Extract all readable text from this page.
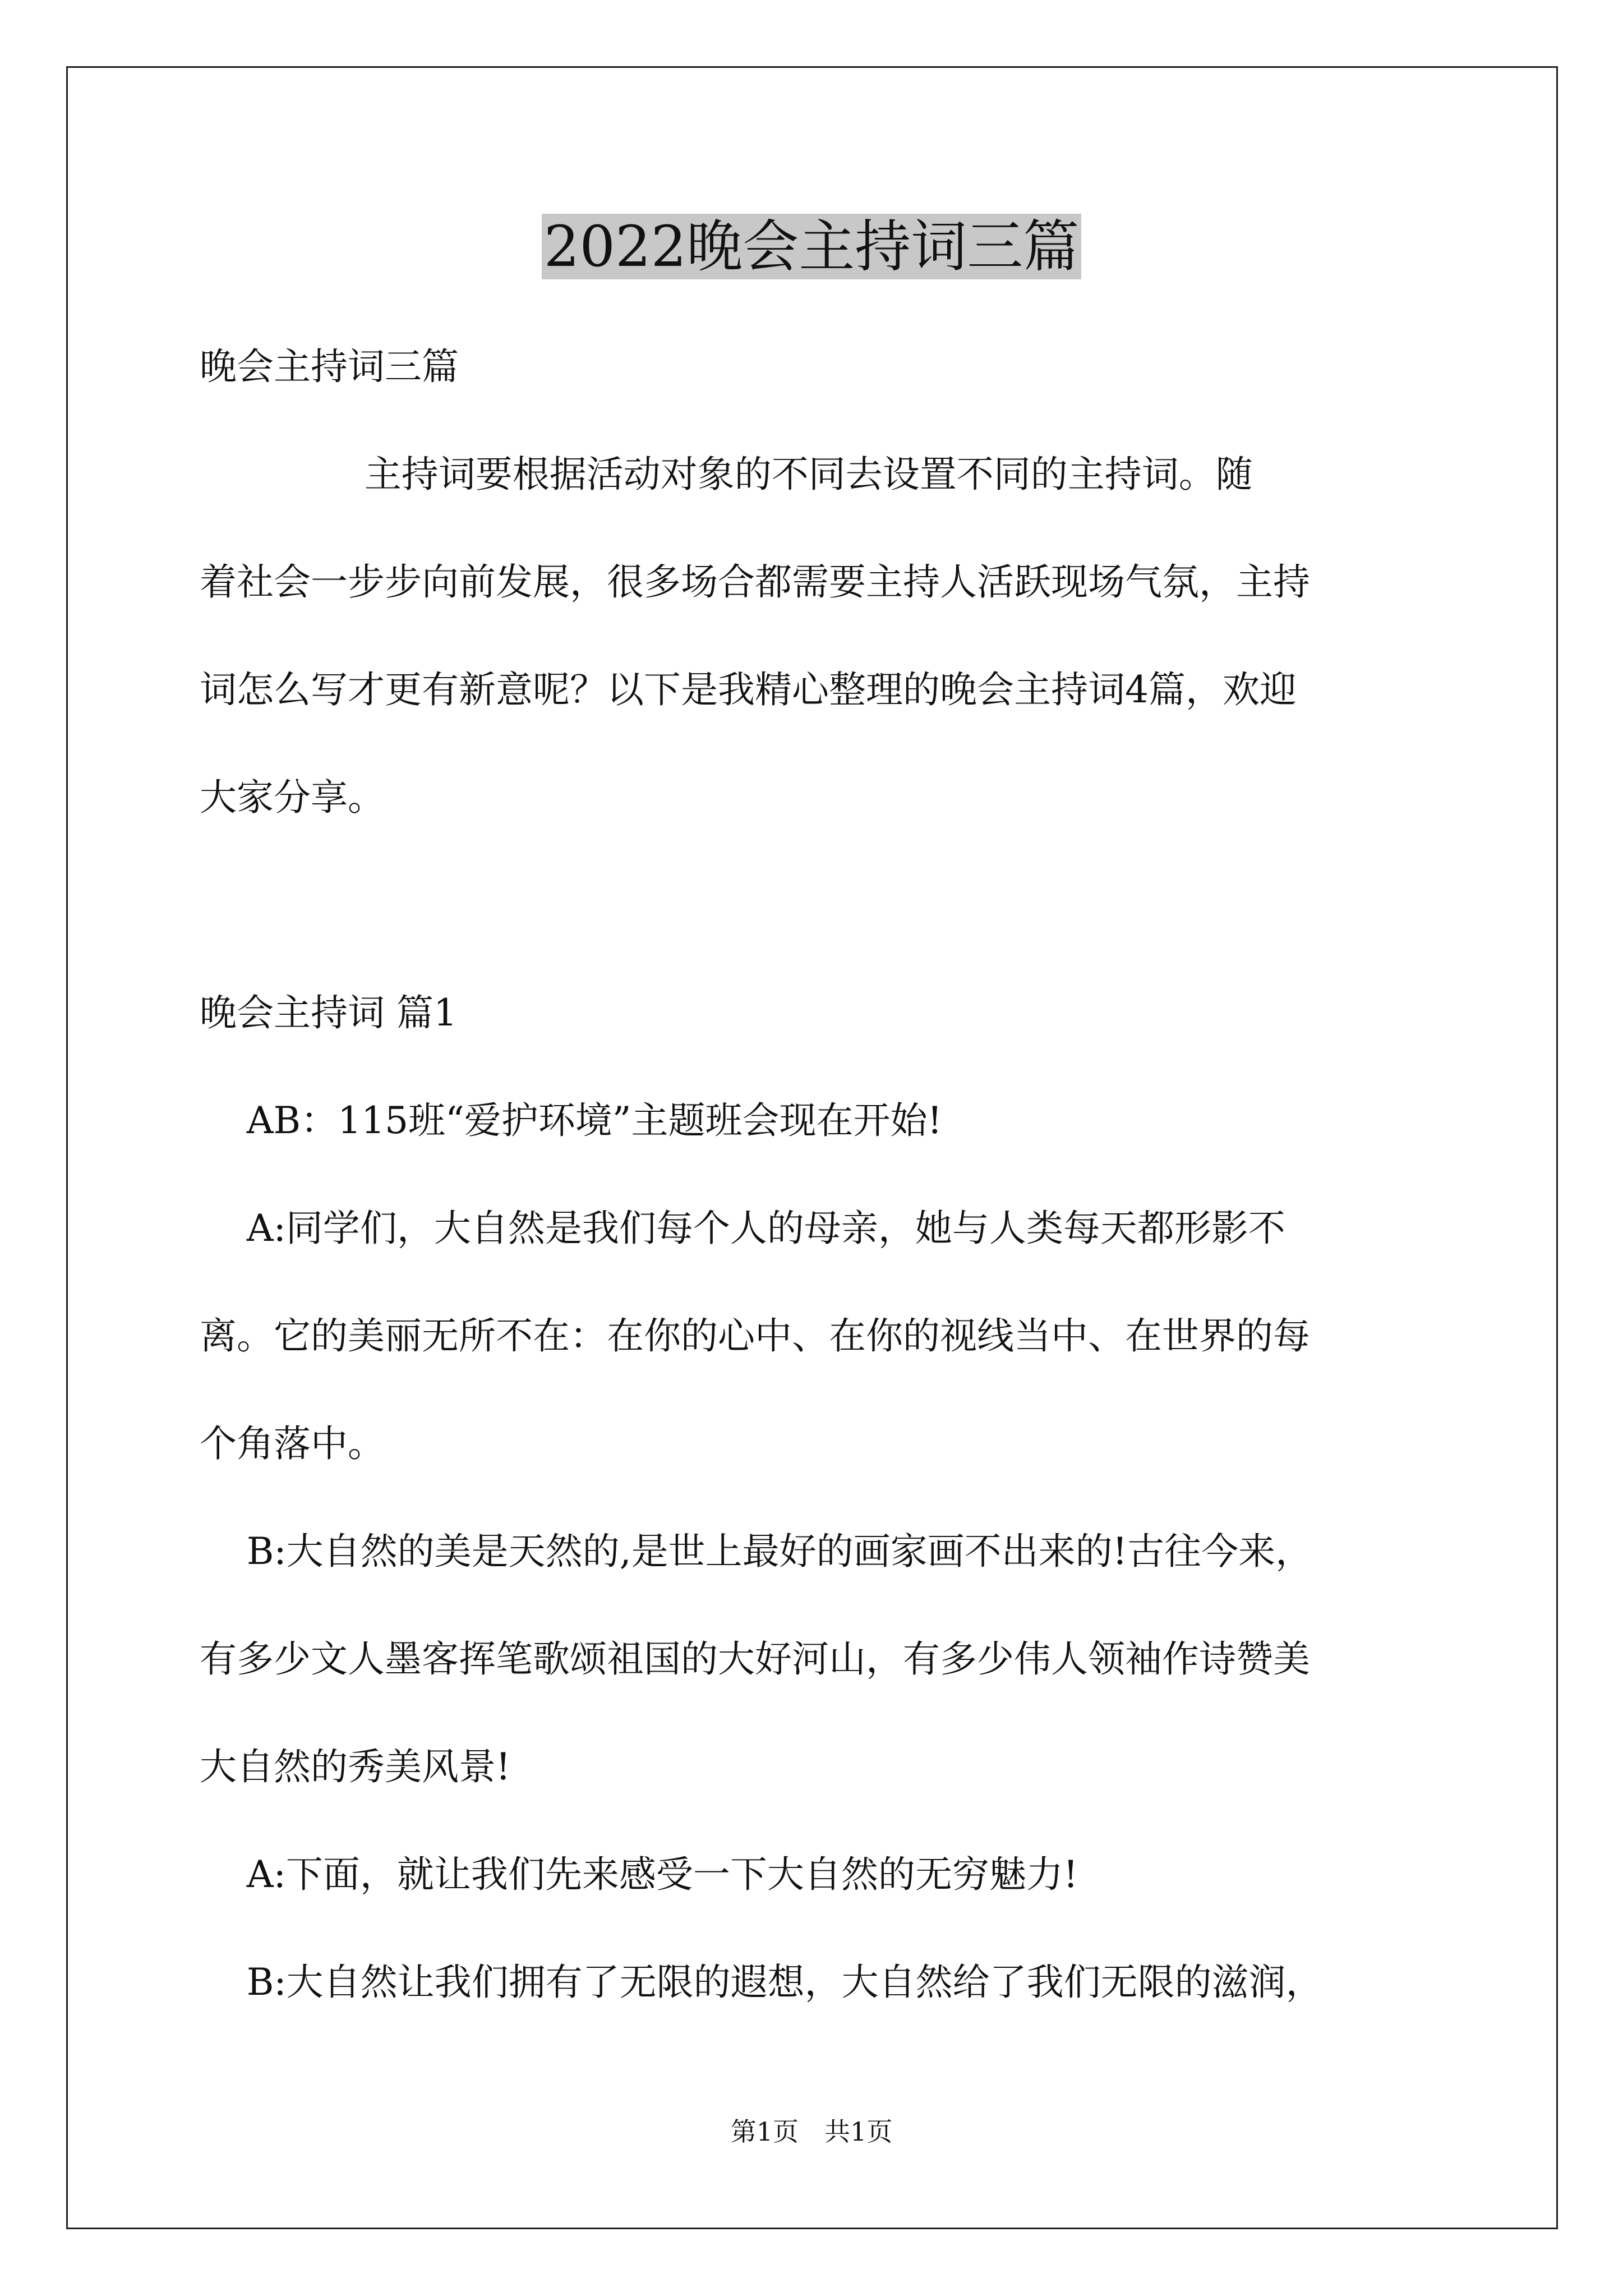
2022晚会主持词三篇

晚会主持词三篇

主持词要根据活动对象的不同去设置不同的主持词。随

着社会一步步向前发展，很多场合都需要主持人活跃现场气氛，主持

词怎么写才更有新意呢？以下是我精心整理的晚会主持词4篇，欢迎

大家分享。

晚会主持词 篇1

AB：115班“爱护环境”主题班会现在开始!

A:同学们，大自然是我们每个人的母亲，她与人类每天都形影不

离。它的美丽无所不在：在你的心中、在你的视线当中、在世界的每

个角落中。

B:大自然的美是天然的,是世上最好的画家画不出来的!古往今来，

有多少文人墨客挥笔歌颂祖国的大好河山，有多少伟人领袖作诗赞美

大自然的秀美风景!

A:下面，就让我们先来感受一下大自然的无穷魅力!

B:大自然让我们拥有了无限的遐想，大自然给了我们无限的滋润，

第1页　共1页
